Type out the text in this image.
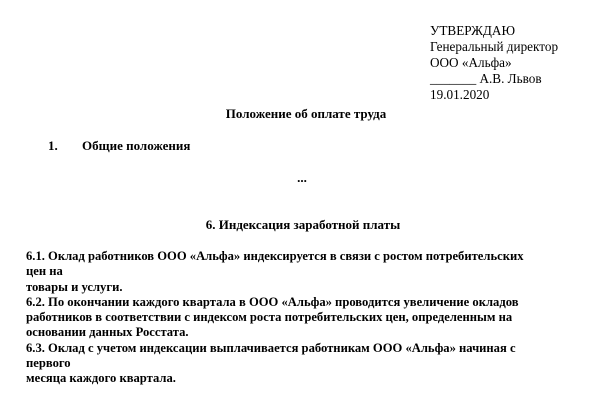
УТВЕРЖДАЮ
Генеральный директор
ООО «Альфа»
_______ А.В. Львов
19.01.2020
Положение об оплате труда
1. Общие положения
...
6. Индексация заработной платы
6.1. Оклад работников ООО «Альфа» индексируется в связи с ростом потребительских
цен на
товары и услуги.
6.2. По окончании каждого квартала в ООО «Альфа» проводится увеличение окладов
работников в соответствии с индексом роста потребительских цен, определенным на
основании данных Росстата.
6.3. Оклад с учетом индексации выплачивается работникам ООО «Альфа» начиная с
первого
месяца каждого квартала.
